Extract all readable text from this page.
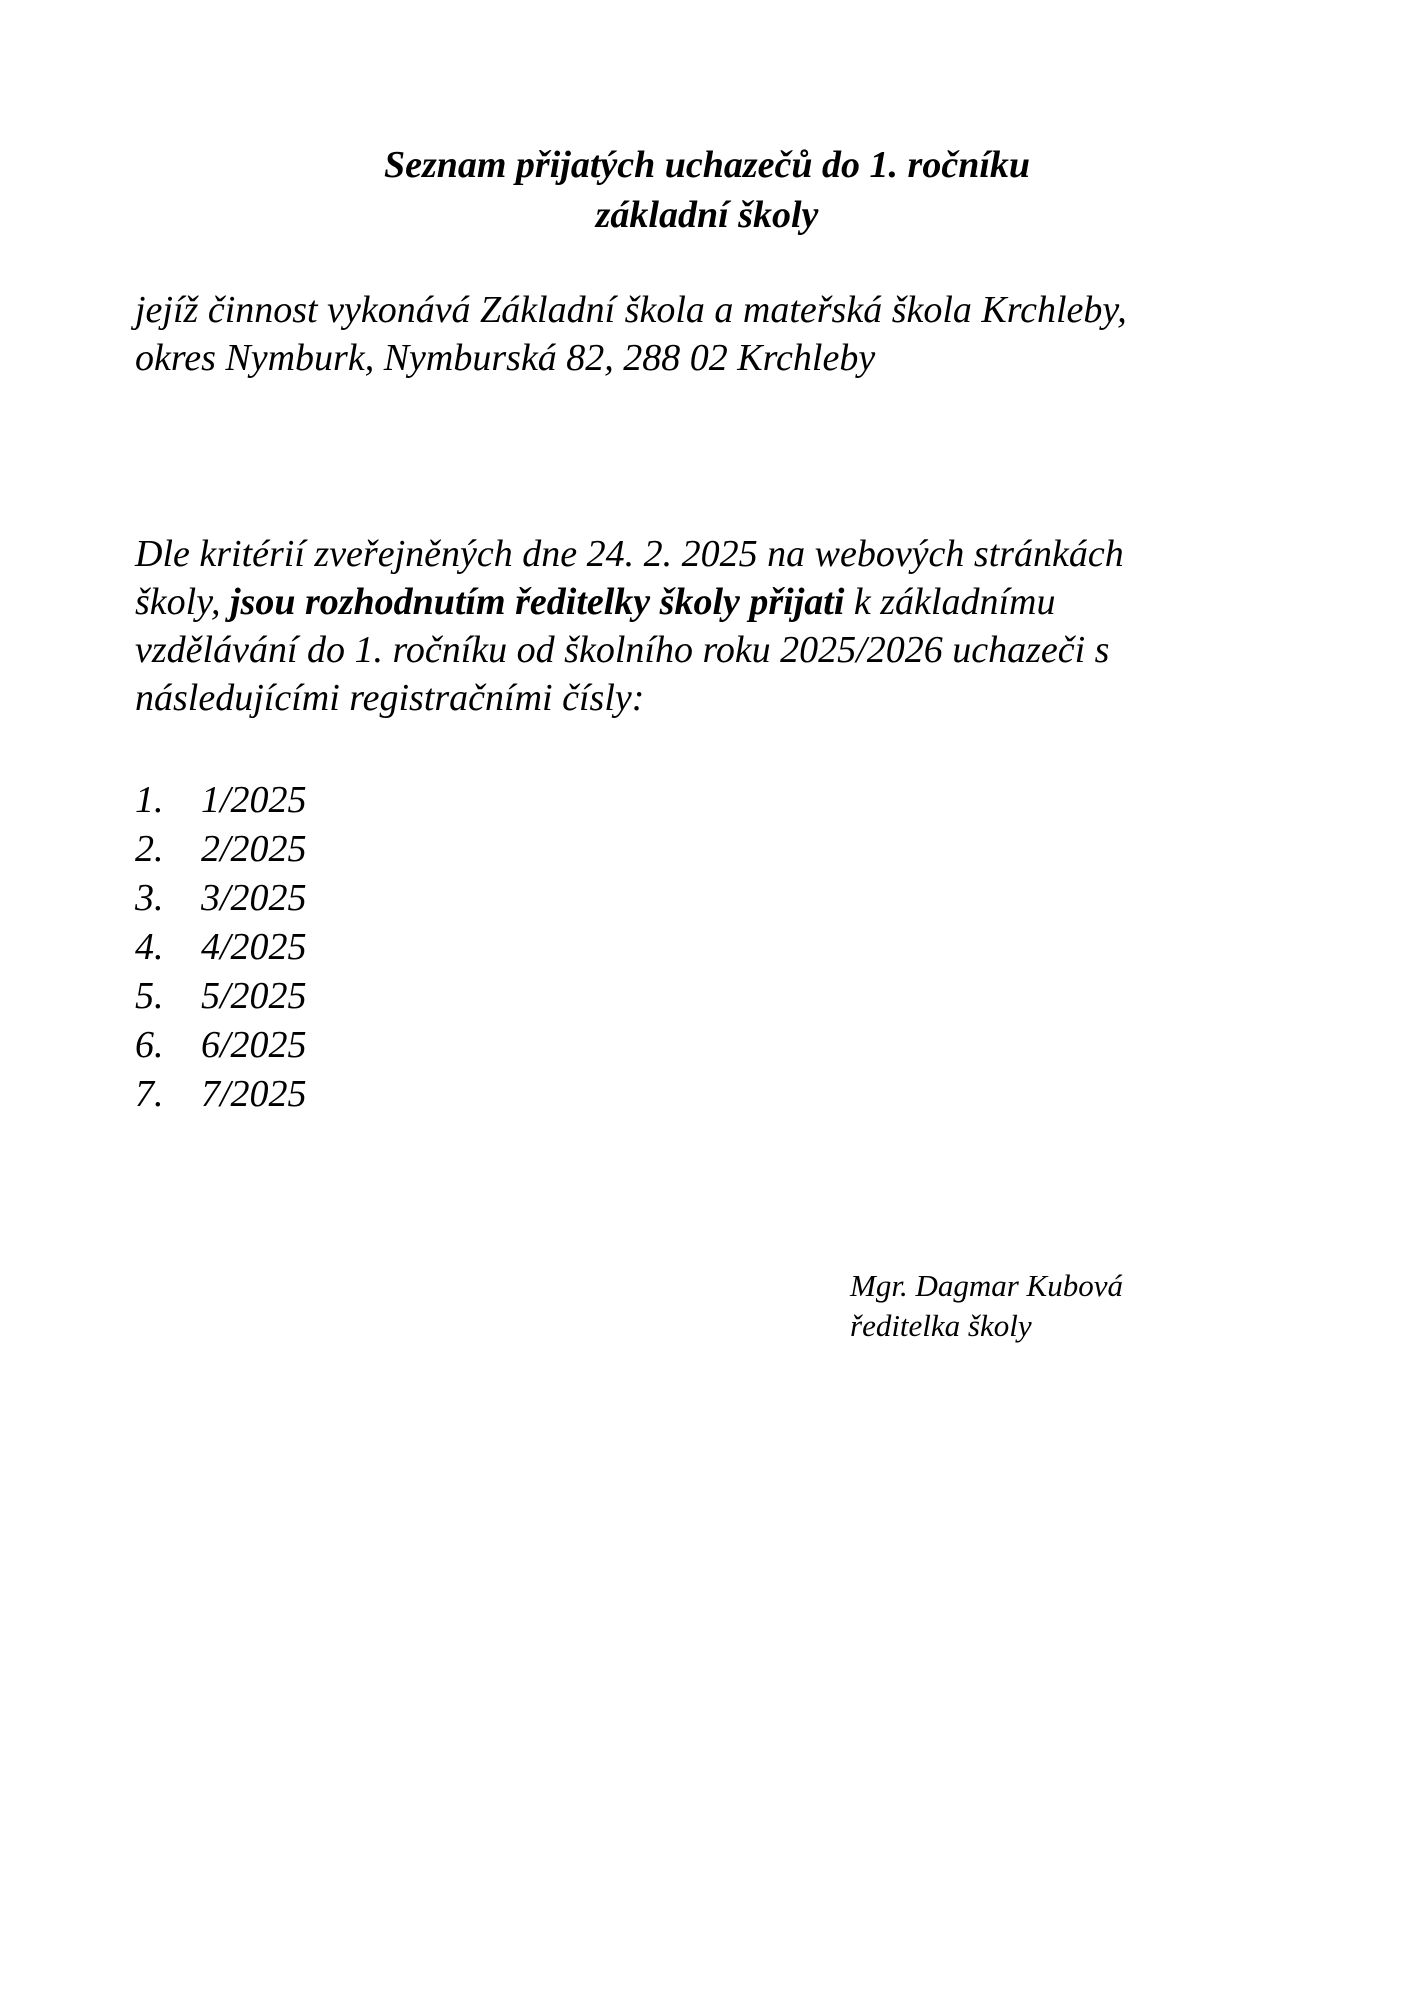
Seznam přijatých uchazečů do 1. ročníku
základní školy

jejíž činnost vykonává Základní škola a mateřská škola Krchleby,
okres Nymburk, Nymburská 82, 288 02 Krchleby

Dle kritérií zveřejněných dne 24. 2. 2025 na webových stránkách
školy, jsou rozhodnutím ředitelky školy přijati k základnímu
vzdělávání do 1. ročníku od školního roku 2025/2026 uchazeči s
následujícími registračními čísly:

1. 1/2025
2. 2/2025
3. 3/2025
4. 4/2025
5. 5/2025
6. 6/2025
7. 7/2025

Mgr. Dagmar Kubová
ředitelka školy
